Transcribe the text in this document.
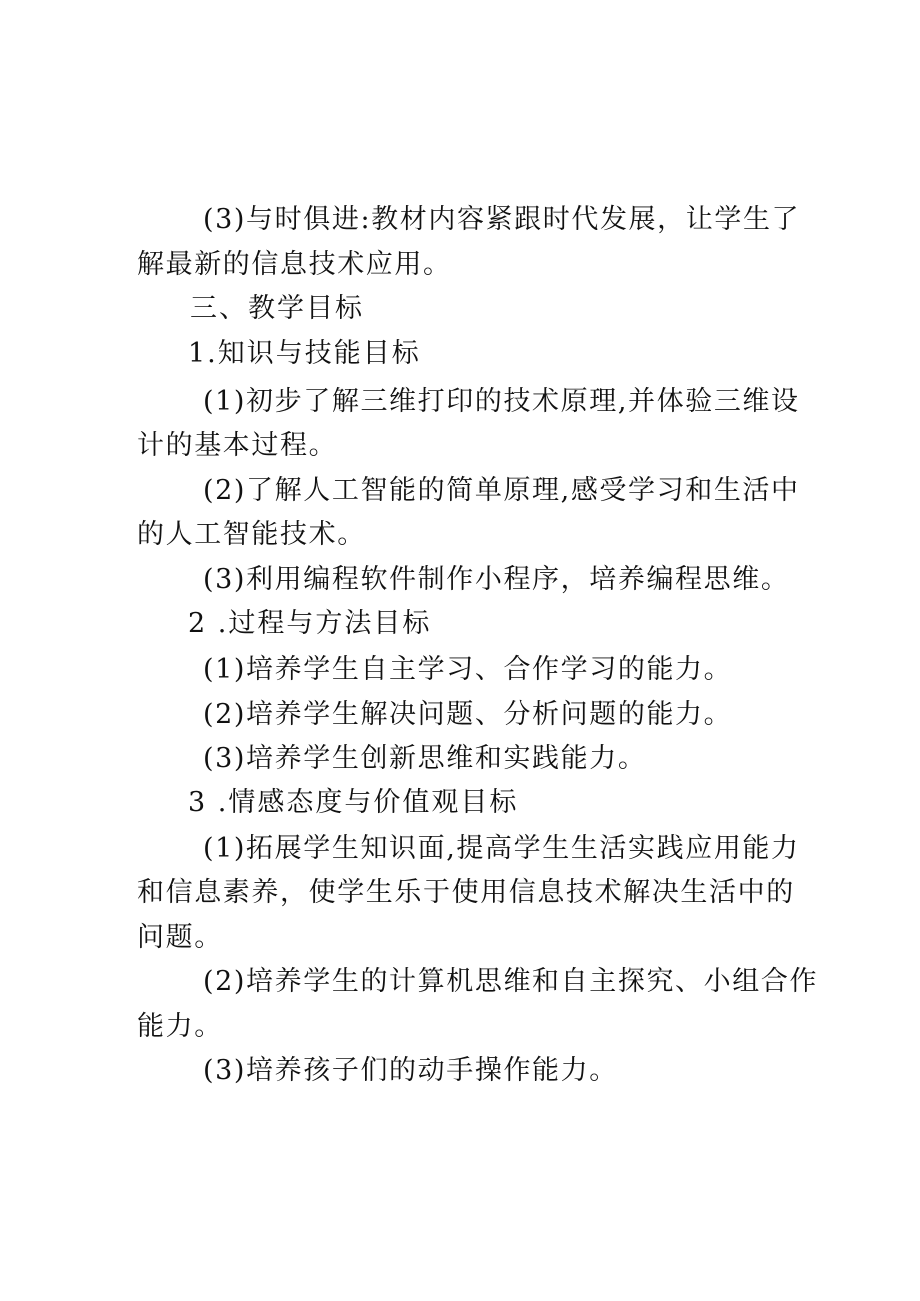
(3)与时俱进:教材内容紧跟时代发展，让学生了
解最新的信息技术应用。
三、教学目标
1.知识与技能目标
(1)初步了解三维打印的技术原理,并体验三维设
计的基本过程。
(2)了解人工智能的简单原理,感受学习和生活中
的人工智能技术。
(3)利用编程软件制作小程序，培养编程思维。
2 .过程与方法目标
(1)培养学生自主学习、合作学习的能力。
(2)培养学生解决问题、分析问题的能力。
(3)培养学生创新思维和实践能力。
3 .情感态度与价值观目标
(1)拓展学生知识面,提高学生生活实践应用能力
和信息素养，使学生乐于使用信息技术解决生活中的
问题。
(2)培养学生的计算机思维和自主探究、小组合作
能力。
(3)培养孩子们的动手操作能力。
